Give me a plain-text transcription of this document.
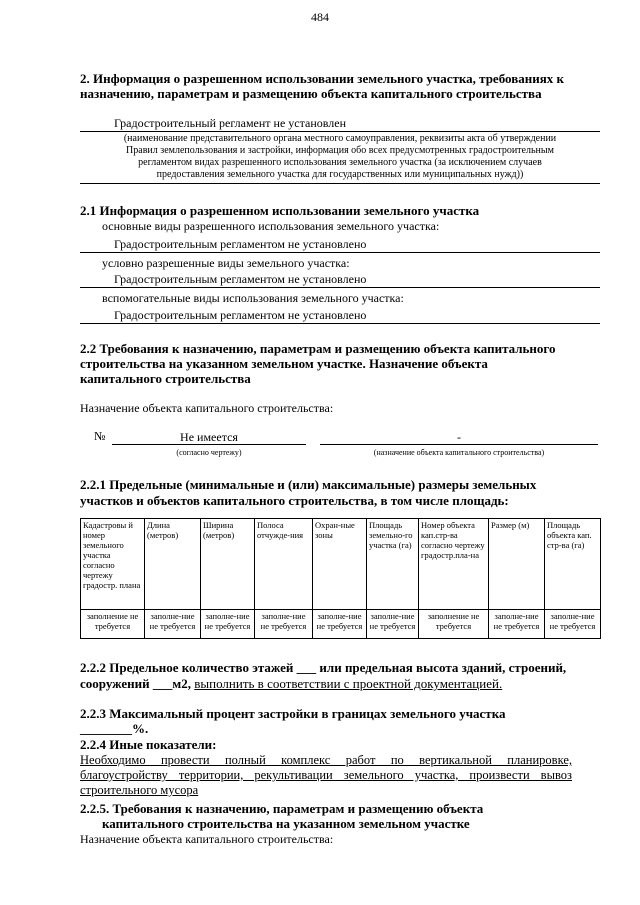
484
2. Информация о разрешенном использовании земельного участка, требованиях к
назначению, параметрам и размещению объекта капитального строительства
Градостроительный регламент не установлен
(наименование представительного органа местного самоуправления, реквизиты акта об утверждении
Правил землепользования и застройки, информация обо всех предусмотренных градостроительным
регламентом видах разрешенного использования земельного участка (за исключением случаев
предоставления земельного участка для государственных или муниципальных нужд))
2.1 Информация о разрешенном использовании земельного участка
основные виды разрешенного использования земельного участка:
Градостроительным регламентом не установлено
условно разрешенные виды земельного участка:
Градостроительным регламентом не установлено
вспомогательные виды использования земельного участка:
Градостроительным регламентом не установлено
2.2 Требования к назначению, параметрам и размещению объекта капитального
строительства на указанном земельном участке. Назначение объекта
капитального строительства
Назначение объекта капитального строительства:
№	Не имеется	-
(согласно чертежу)	(назначение объекта капитального строительства)
2.2.1 Предельные (минимальные и (или) максимальные) размеры земельных
участков и объектов капитального строительства, в том числе площадь:
Кадастровы й номер земельного участка согласно чертежу градостр. плана	Длина (метров)	Ширина (метров)	Полоса отчужде-ния	Охран-ные зоны	Площадь земельно-го участка (га)	Номер объекта кап.стр-ва согласно чертежу градостр.пла-на	Размер (м)	Площадь объекта кап. стр-ва (га)
заполнение не требуется	заполне-ние не требуется	заполне-ние не требуется	заполне-ние не требуется	заполне-ние не требуется	заполне-ние не требуется	заполнение не требуется	заполне-ние не требуется	заполне-ние не требуется
2.2.2 Предельное количество этажей ___ или предельная высота зданий, строений,
сооружений ___м2, выполнить в соответствии с проектной документацией.
2.2.3 Максимальный процент застройки в границах земельного участка
________%.
2.2.4 Иные показатели:
Необходимо провести полный комплекс работ по вертикальной планировке,
благоустройству территории, рекультивации земельного участка, произвести вывоз
строительного мусора
2.2.5. Требования к назначению, параметрам и размещению объекта
капитального строительства на указанном земельном участке
Назначение объекта капитального строительства:
